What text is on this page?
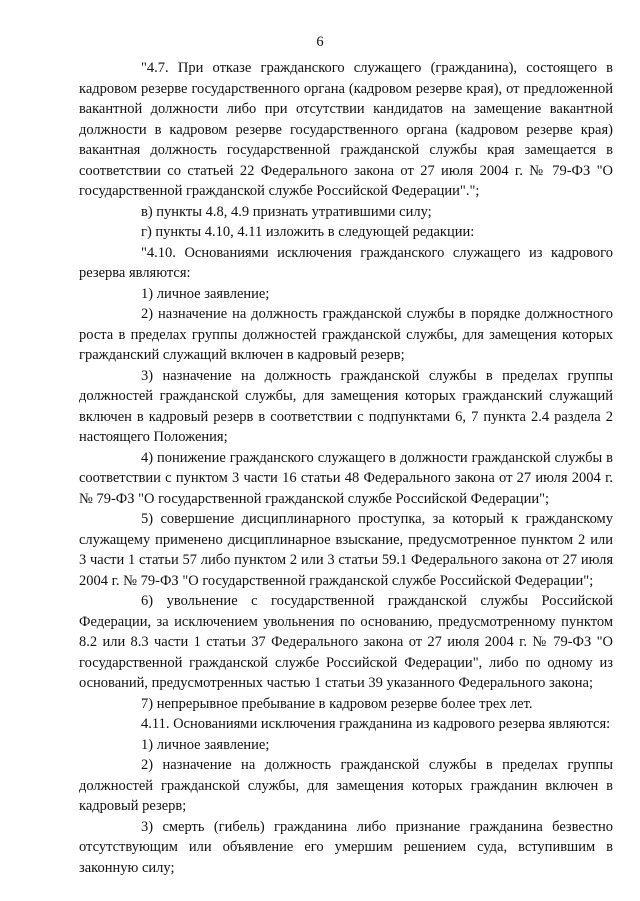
6

"4.7. При отказе гражданского служащего (гражданина), состоящего в кадровом резерве государственного органа (кадровом резерве края), от предложенной вакантной должности либо при отсутствии кандидатов на замещение вакантной должности в кадровом резерве государственного органа (кадровом резерве края) вакантная должность государственной гражданской службы края замещается в соответствии со статьей 22 Федерального закона от 27 июля 2004 г. № 79-ФЗ "О государственной гражданской службе Российской Федерации".";

в) пункты 4.8, 4.9 признать утратившими силу;

г) пункты 4.10, 4.11 изложить в следующей редакции:

"4.10. Основаниями исключения гражданского служащего из кадрового резерва являются:

1) личное заявление;

2) назначение на должность гражданской службы в порядке должностного роста в пределах группы должностей гражданской службы, для замещения которых гражданский служащий включен в кадровый резерв;

3) назначение на должность гражданской службы в пределах группы должностей гражданской службы, для замещения которых гражданский служащий включен в кадровый резерв в соответствии с подпунктами 6, 7 пункта 2.4 раздела 2 настоящего Положения;

4) понижение гражданского служащего в должности гражданской службы в соответствии с пунктом 3 части 16 статьи 48 Федерального закона от 27 июля 2004 г. № 79-ФЗ "О государственной гражданской службе Российской Федерации";

5) совершение дисциплинарного проступка, за который к гражданскому служащему применено дисциплинарное взыскание, предусмотренное пунктом 2 или 3 части 1 статьи 57 либо пунктом 2 или 3 статьи 59.1 Федерального закона от 27 июля 2004 г. № 79-ФЗ "О государственной гражданской службе Российской Федерации";

6) увольнение с государственной гражданской службы Российской Федерации, за исключением увольнения по основанию, предусмотренному пунктом 8.2 или 8.3 части 1 статьи 37 Федерального закона от 27 июля 2004 г. № 79-ФЗ "О государственной гражданской службе Российской Федерации", либо по одному из оснований, предусмотренных частью 1 статьи 39 указанного Федерального закона;

7) непрерывное пребывание в кадровом резерве более трех лет.

4.11. Основаниями исключения гражданина из кадрового резерва являются:

1) личное заявление;

2) назначение на должность гражданской службы в пределах группы должностей гражданской службы, для замещения которых гражданин включен в кадровый резерв;

3) смерть (гибель) гражданина либо признание гражданина безвестно отсутствующим или объявление его умершим решением суда, вступившим в законную силу;
